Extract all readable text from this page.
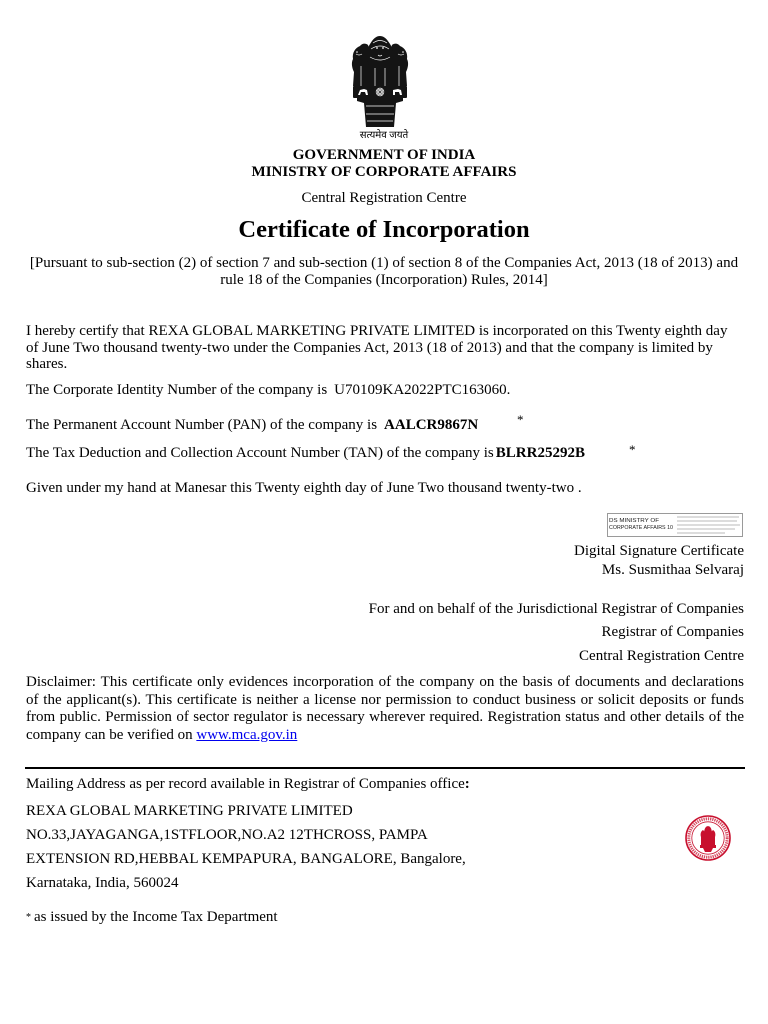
सत्यमेव जयते
GOVERNMENT OF INDIA
MINISTRY OF CORPORATE AFFAIRS
Central Registration Centre
Certificate of Incorporation
[Pursuant to sub-section (2) of section 7 and sub-section (1) of section 8 of the Companies Act, 2013 (18 of 2013) and
rule 18 of the Companies (Incorporation) Rules, 2014]
I hereby certify that REXA GLOBAL MARKETING PRIVATE LIMITED is incorporated on this Twenty eighth day
of June Two thousand twenty-two under the Companies Act, 2013 (18 of 2013) and that the company is limited by
shares.
The Corporate Identity Number of the company is U70109KA2022PTC163060.
The Permanent Account Number (PAN) of the company is AALCR9867N	*
The Tax Deduction and Collection Account Number (TAN) of the company is BLRR25292B	*
Given under my hand at Manesar this Twenty eighth day of June Two thousand twenty-two .
DS MINISTRY OF
CORPORATE AFFAIRS 10
Digital Signature Certificate
Ms. Susmithaa Selvaraj
For and on behalf of the Jurisdictional Registrar of Companies
Registrar of Companies
Central Registration Centre
Disclaimer: This certificate only evidences incorporation of the company on the basis of documents and declarations
of the applicant(s). This certificate is neither a license nor permission to conduct business or solicit deposits or funds
from public. Permission of sector regulator is necessary wherever required. Registration status and other details of the
company can be verified on www.mca.gov.in
Mailing Address as per record available in Registrar of Companies office:
REXA GLOBAL MARKETING PRIVATE LIMITED
NO.33,JAYAGANGA,1STFLOOR,NO.A2 12THCROSS, PAMPA
EXTENSION RD,HEBBAL KEMPAPURA, BANGALORE, Bangalore,
Karnataka, India, 560024
* as issued by the Income Tax Department
